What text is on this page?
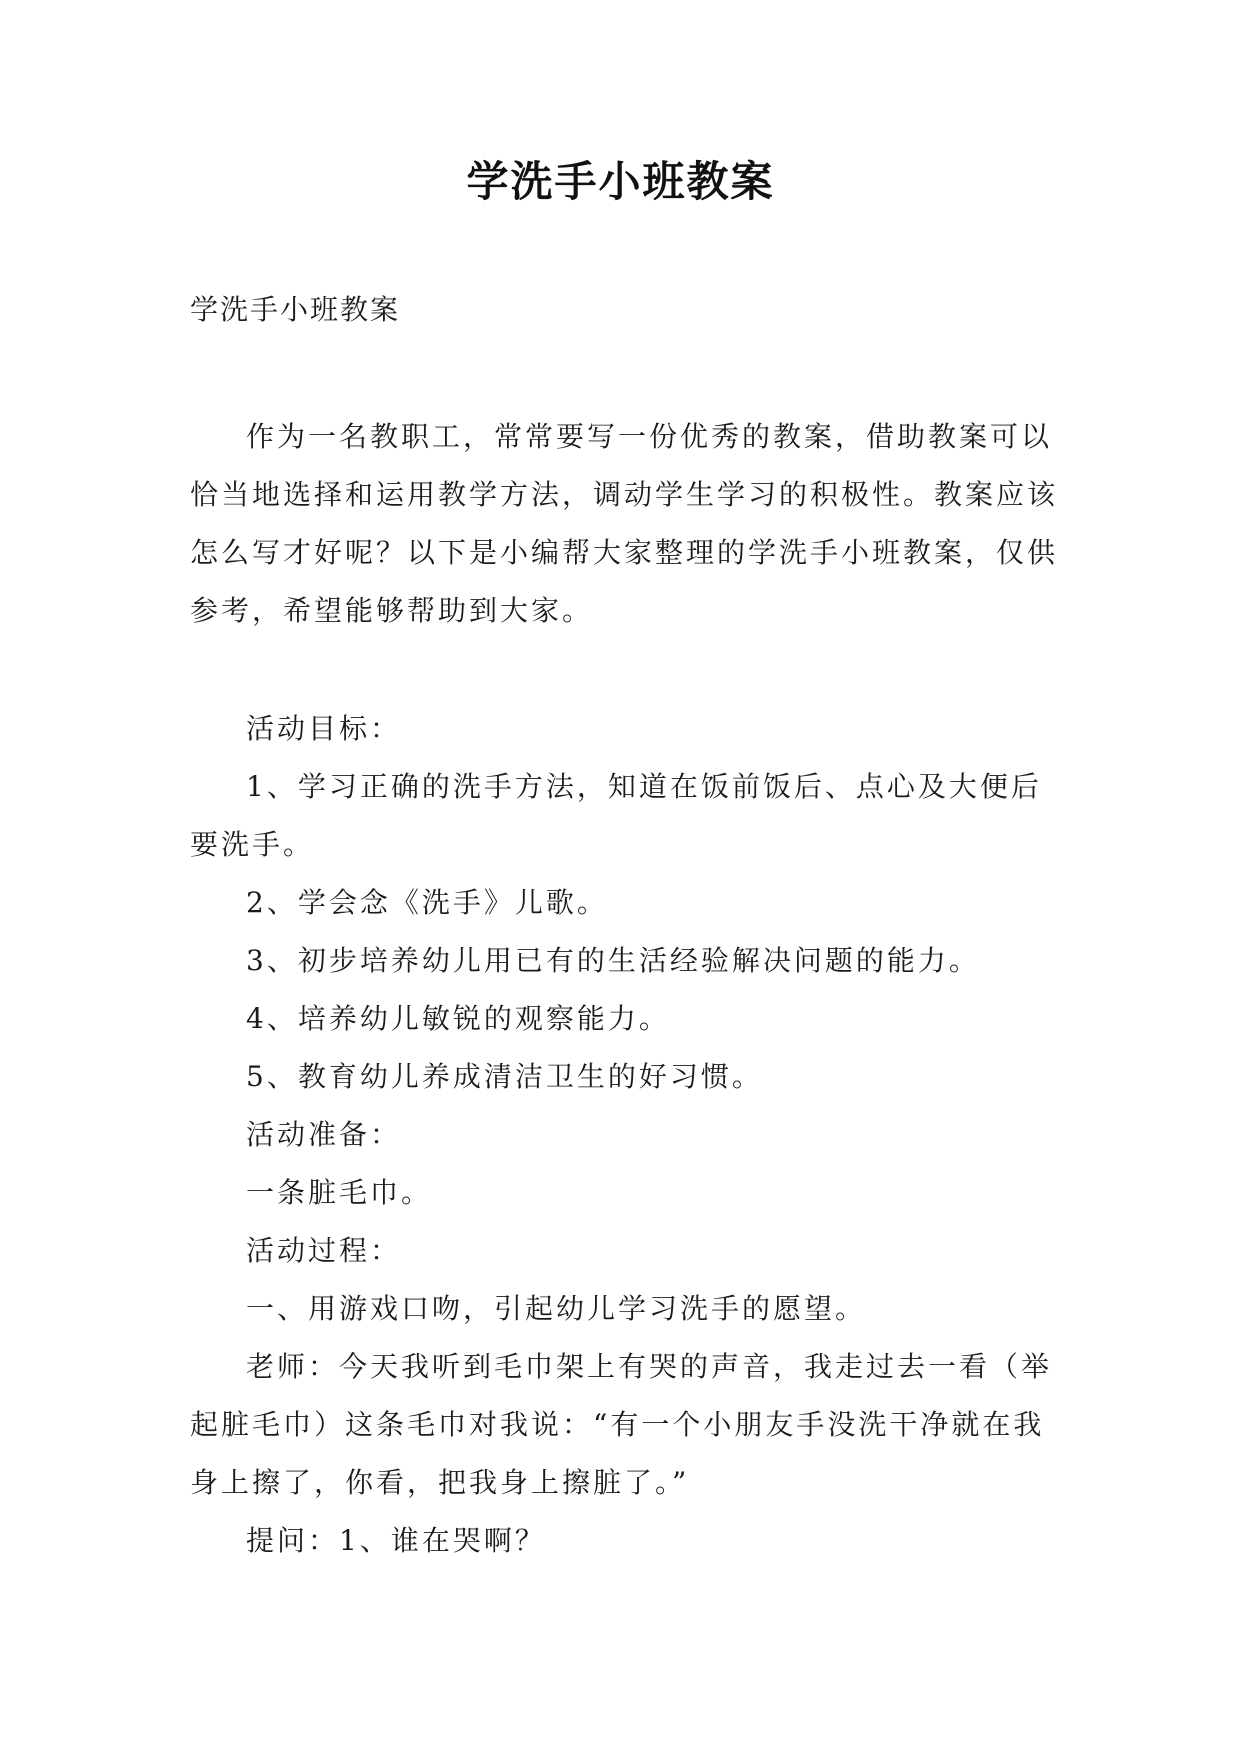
学洗手小班教案
学洗手小班教案

作为一名教职工，常常要写一份优秀的教案，借助教案可以恰当地选择和运用教学方法，调动学生学习的积极性。教案应该怎么写才好呢？以下是小编帮大家整理的学洗手小班教案，仅供参考，希望能够帮助到大家。

活动目标：

1、学习正确的洗手方法，知道在饭前饭后、点心及大便后要洗手。

2、学会念《洗手》儿歌。

3、初步培养幼儿用已有的生活经验解决问题的能力。

4、培养幼儿敏锐的观察能力。

5、教育幼儿养成清洁卫生的好习惯。

活动准备：

一条脏毛巾。

活动过程：

一、用游戏口吻，引起幼儿学习洗手的愿望。

老师：今天我听到毛巾架上有哭的声音，我走过去一看（举起脏毛巾）这条毛巾对我说：“有一个小朋友手没洗干净就在我身上擦了，你看，把我身上擦脏了。”

提问：1、谁在哭啊？
